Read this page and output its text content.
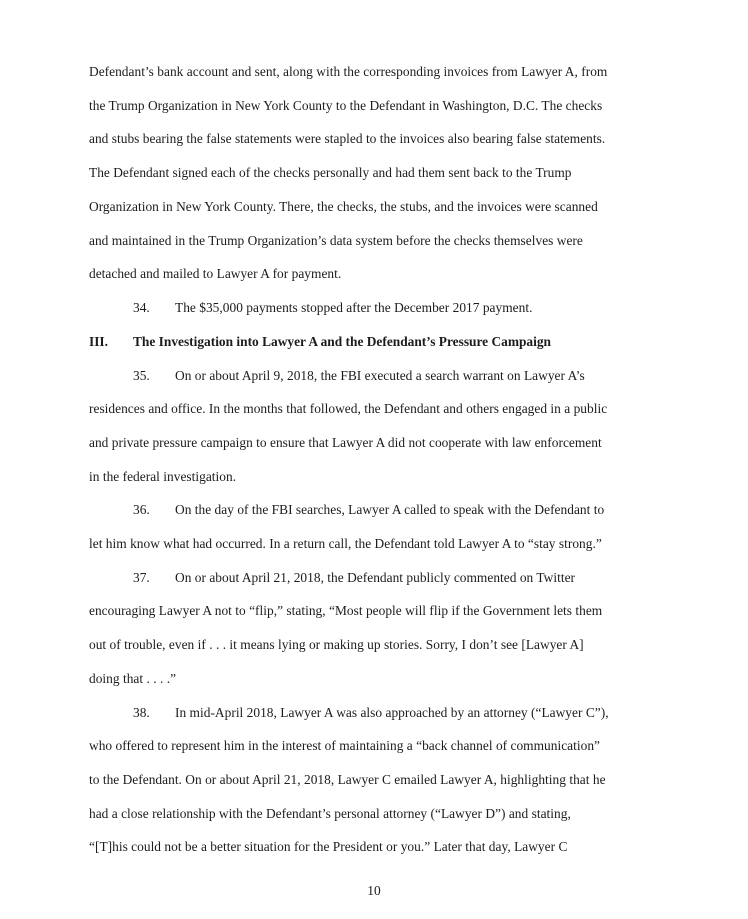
Defendant’s bank account and sent, along with the corresponding invoices from Lawyer A, from
the Trump Organization in New York County to the Defendant in Washington, D.C. The checks
and stubs bearing the false statements were stapled to the invoices also bearing false statements.
The Defendant signed each of the checks personally and had them sent back to the Trump
Organization in New York County. There, the checks, the stubs, and the invoices were scanned
and maintained in the Trump Organization’s data system before the checks themselves were
detached and mailed to Lawyer A for payment.
34. The $35,000 payments stopped after the December 2017 payment.
III. The Investigation into Lawyer A and the Defendant’s Pressure Campaign
35. On or about April 9, 2018, the FBI executed a search warrant on Lawyer A’s
residences and office. In the months that followed, the Defendant and others engaged in a public
and private pressure campaign to ensure that Lawyer A did not cooperate with law enforcement
in the federal investigation.
36. On the day of the FBI searches, Lawyer A called to speak with the Defendant to
let him know what had occurred. In a return call, the Defendant told Lawyer A to “stay strong.”
37. On or about April 21, 2018, the Defendant publicly commented on Twitter
encouraging Lawyer A not to “flip,” stating, “Most people will flip if the Government lets them
out of trouble, even if . . . it means lying or making up stories. Sorry, I don’t see [Lawyer A]
doing that . . . .”
38. In mid-April 2018, Lawyer A was also approached by an attorney (“Lawyer C”),
who offered to represent him in the interest of maintaining a “back channel of communication”
to the Defendant. On or about April 21, 2018, Lawyer C emailed Lawyer A, highlighting that he
had a close relationship with the Defendant’s personal attorney (“Lawyer D”) and stating,
“[T]his could not be a better situation for the President or you.” Later that day, Lawyer C
10
